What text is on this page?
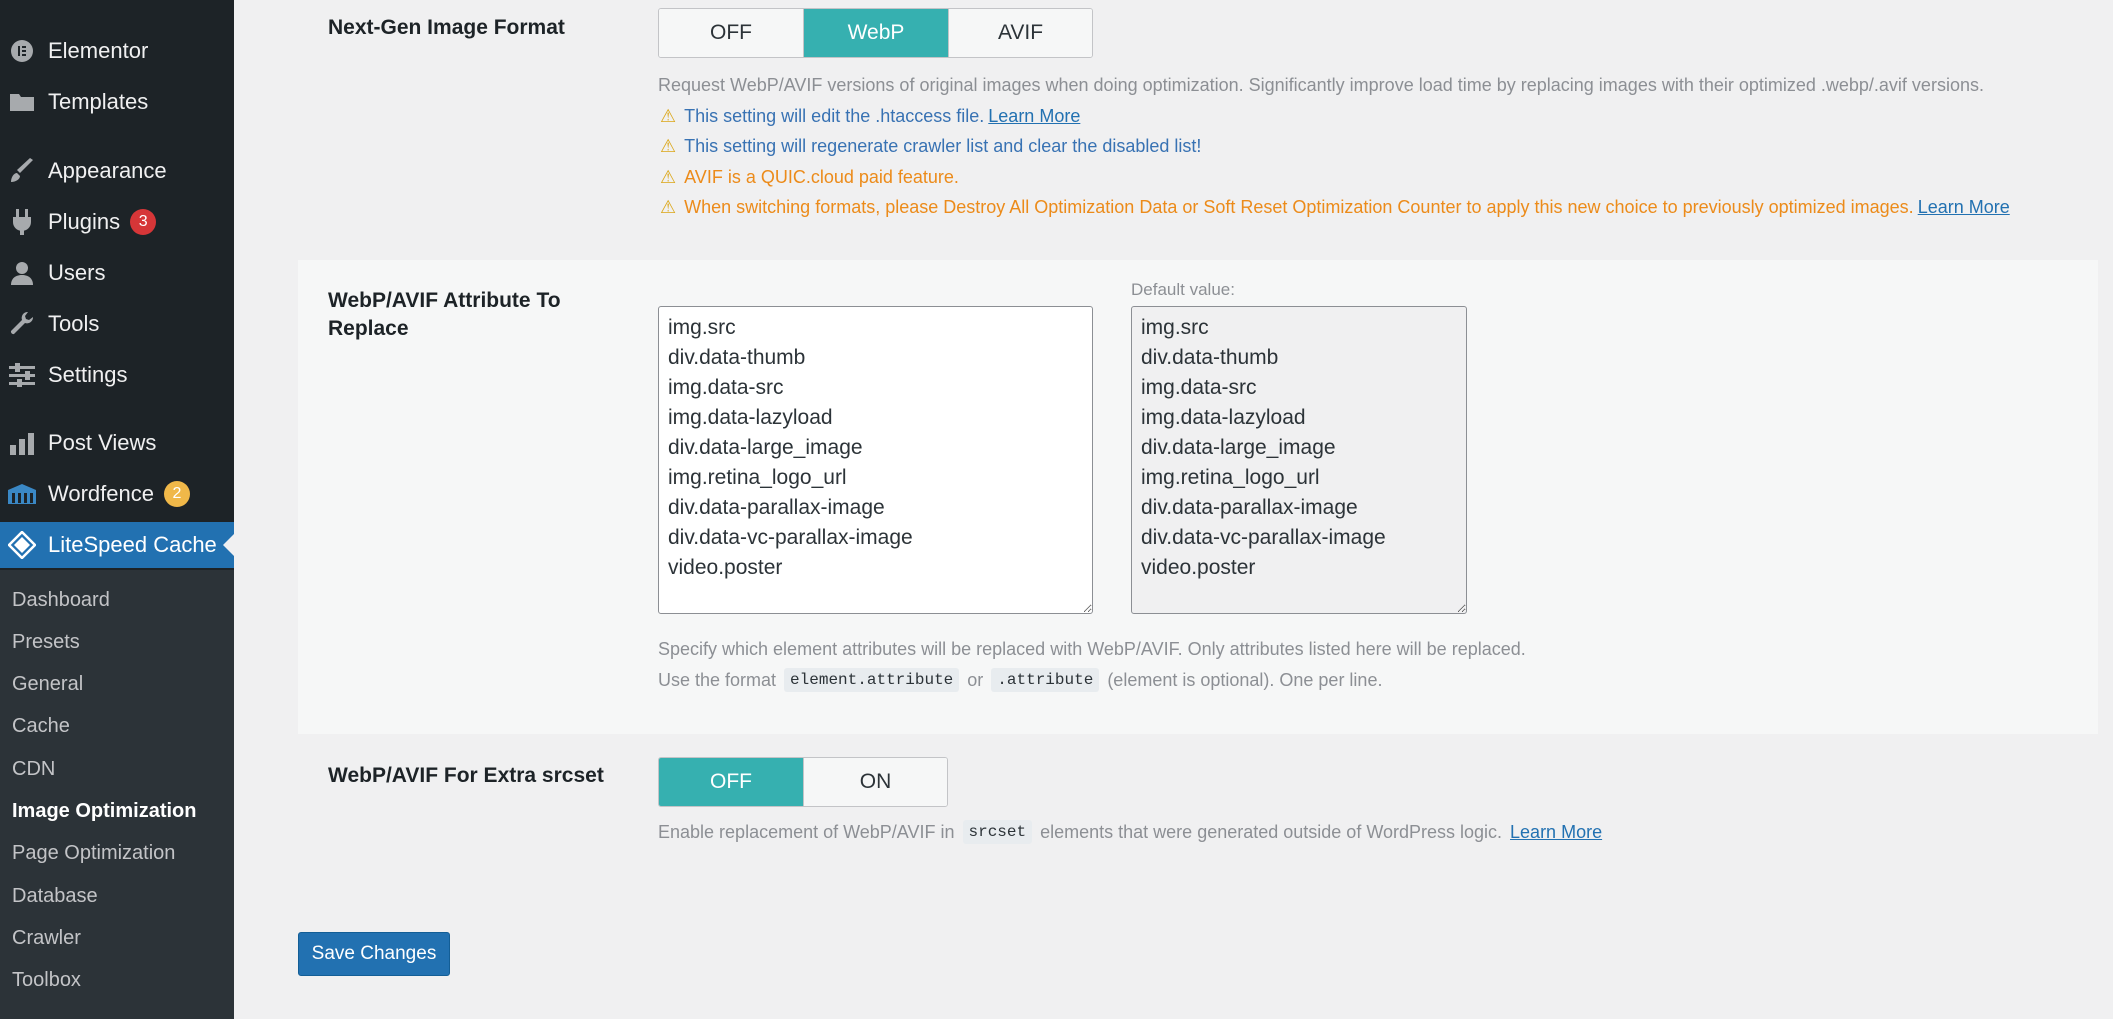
Elementor
Templates
Appearance
Plugins	3
Users
Tools
Settings
Post Views
Wordfence	2
LiteSpeed Cache
Dashboard
Presets
General
Cache
CDN
Image Optimization
Page Optimization
Database
Crawler
Toolbox
Next-Gen Image Format	OFF	WebP	AVIF
Request WebP/AVIF versions of original images when doing optimization. Significantly improve load time by replacing images with their optimized .webp/.avif versions.
⚠ This setting will edit the .htaccess file. Learn More
⚠ This setting will regenerate crawler list and clear the disabled list!
⚠ AVIF is a QUIC.cloud paid feature.
⚠ When switching formats, please Destroy All Optimization Data or Soft Reset Optimization Counter to apply this new choice to previously optimized images. Learn More
WebP/AVIF Attribute To Replace
img.src div.data-thumb img.data-src img.data-lazyload div.data-large_image img.retina_logo_url div.data-parallax-image div.data-vc-parallax-image video.poster
Default value:
img.src div.data-thumb img.data-src img.data-lazyload div.data-large_image img.retina_logo_url div.data-parallax-image div.data-vc-parallax-image video.poster
Specify which element attributes will be replaced with WebP/AVIF. Only attributes listed here will be replaced.
Use the format element.attribute or .attribute (element is optional). One per line.
WebP/AVIF For Extra srcset	OFF	ON
Enable replacement of WebP/AVIF in srcset elements that were generated outside of WordPress logic. Learn More
Save Changes
